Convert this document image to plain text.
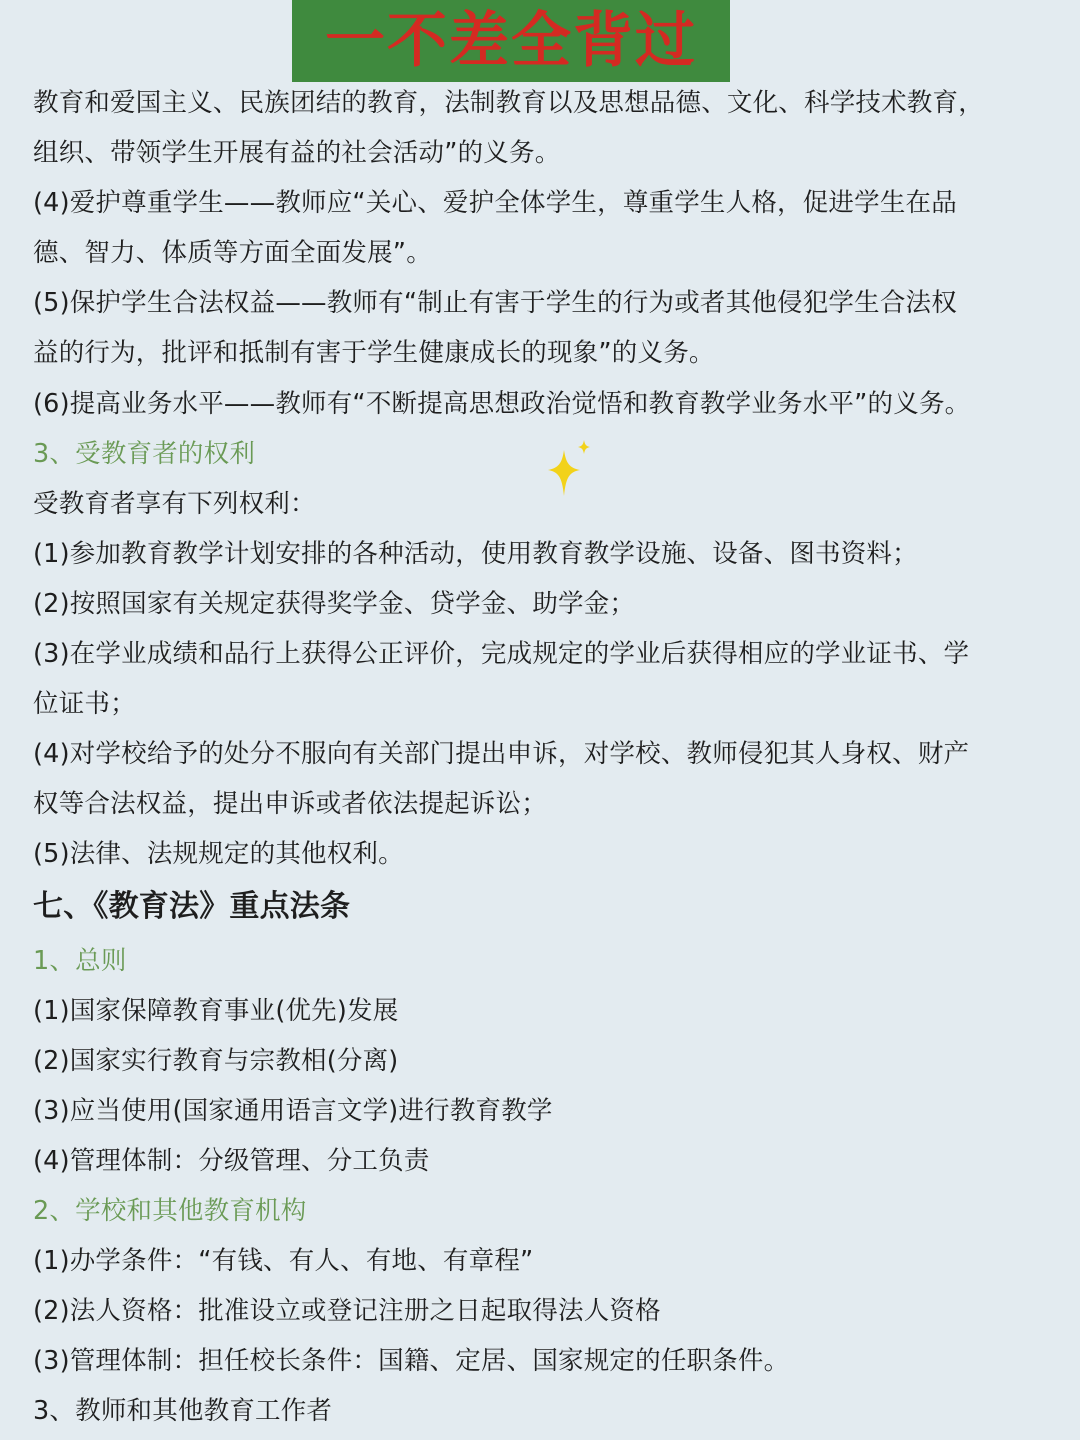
一不差全背过
教育和爱国主义、民族团结的教育，法制教育以及思想品德、文化、科学技术教育，
组织、带领学生开展有益的社会活动”的义务。
(4)爱护尊重学生——教师应“关心、爱护全体学生，尊重学生人格，促进学生在品
德、智力、体质等方面全面发展”。
(5)保护学生合法权益——教师有“制止有害于学生的行为或者其他侵犯学生合法权
益的行为，批评和抵制有害于学生健康成长的现象”的义务。
(6)提高业务水平——教师有“不断提高思想政治觉悟和教育教学业务水平”的义务。
3、受教育者的权利
受教育者享有下列权利：
(1)参加教育教学计划安排的各种活动，使用教育教学设施、设备、图书资料；
(2)按照国家有关规定获得奖学金、贷学金、助学金；
(3)在学业成绩和品行上获得公正评价，完成规定的学业后获得相应的学业证书、学
位证书；
(4)对学校给予的处分不服向有关部门提出申诉，对学校、教师侵犯其人身权、财产
权等合法权益，提出申诉或者依法提起诉讼；
(5)法律、法规规定的其他权利。
七、《教育法》重点法条
1、总则
(1)国家保障教育事业(优先)发展
(2)国家实行教育与宗教相(分离)
(3)应当使用(国家通用语言文学)进行教育教学
(4)管理体制：分级管理、分工负责
2、学校和其他教育机构
(1)办学条件：“有钱、有人、有地、有章程”
(2)法人资格：批准设立或登记注册之日起取得法人资格
(3)管理体制：担任校长条件：国籍、定居、国家规定的任职条件。
3、教师和其他教育工作者
